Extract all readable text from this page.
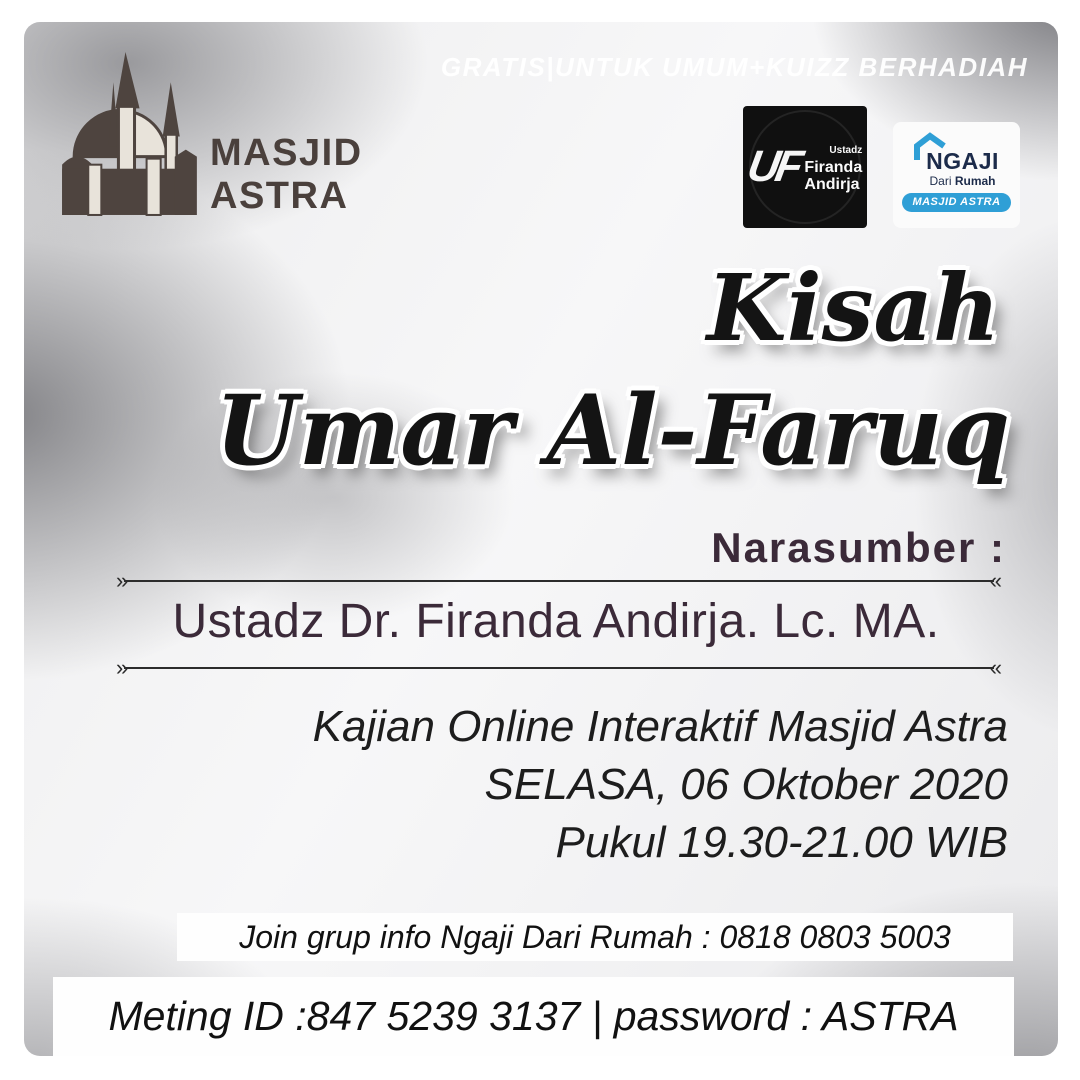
MASJID
ASTRA
GRATIS|UNTUK UMUM+KUIZZ BERHADIAH
UF	Ustadz
Firanda
Andirja
NGAJI
Dari Rumah
MASJID ASTRA
Kisah
Umar Al-Faruq
Narasumber :
»	«
Ustadz Dr. Firanda Andirja. Lc. MA.
»	«
Kajian Online Interaktif Masjid Astra
SELASA, 06 Oktober 2020
Pukul 19.30-21.00 WIB
Join grup info Ngaji Dari Rumah : 0818 0803 5003
Meting ID :847 5239 3137 | password : ASTRA
